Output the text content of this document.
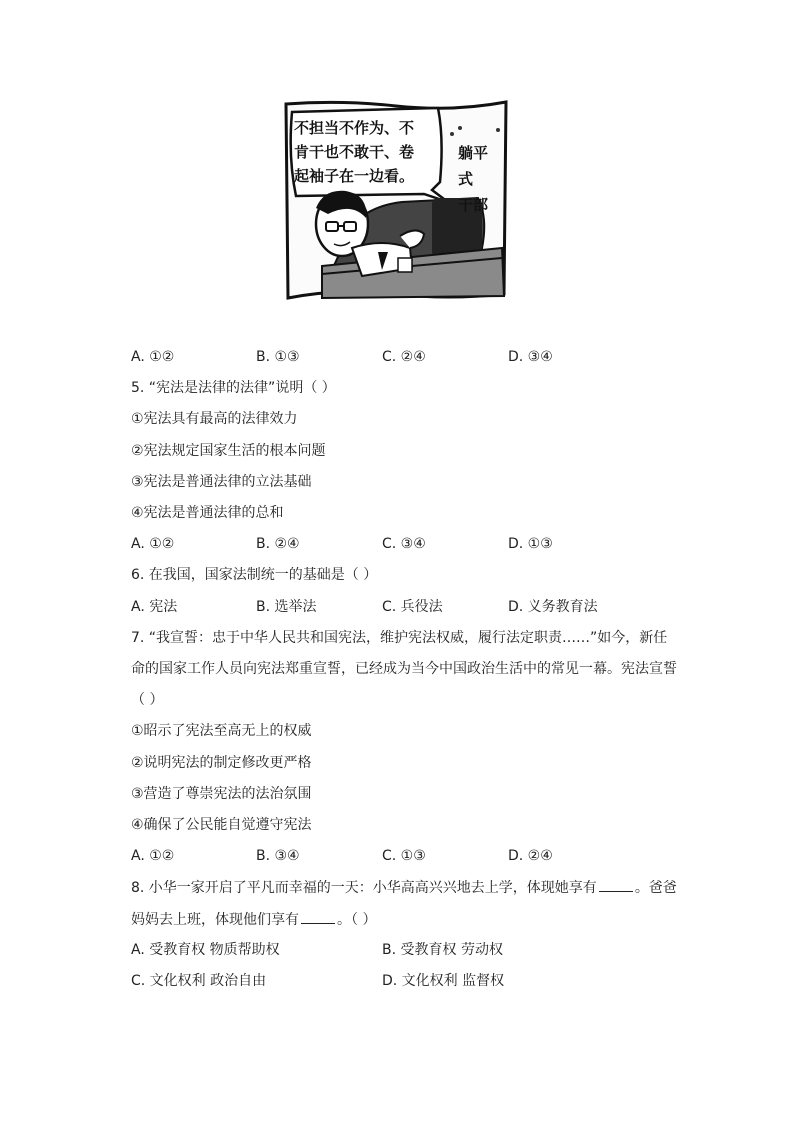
不担当不作为、不
肯干也不敢干、卷
起袖子在一边看。
躺平式
干部
A. ①②	B. ①③	C. ②④	D. ③④
5. “宪法是法律的法律”说明（ ）
①宪法具有最高的法律效力
②宪法规定国家生活的根本问题
③宪法是普通法律的立法基础
④宪法是普通法律的总和
A. ①②	B. ②④	C. ③④	D. ①③
6. 在我国，国家法制统一的基础是（ ）
A. 宪法	B. 选举法	C. 兵役法	D. 义务教育法
7. “我宣誓：忠于中华人民共和国宪法，维护宪法权威，履行法定职责……”如今，新任
命的国家工作人员向宪法郑重宣誓，已经成为当今中国政治生活中的常见一幕。宪法宣誓
（ ）
①昭示了宪法至高无上的权威
②说明宪法的制定修改更严格
③营造了尊崇宪法的法治氛围
④确保了公民能自觉遵守宪法
A. ①②	B. ③④	C. ①③	D. ②④
8. 小华一家开启了平凡而幸福的一天：小华高高兴兴地去上学，体现她享有	。爸爸
妈妈去上班，体现他们享有	。（ ）
A. 受教育权 物质帮助权	B. 受教育权 劳动权
C. 文化权利 政治自由	D. 文化权利 监督权
